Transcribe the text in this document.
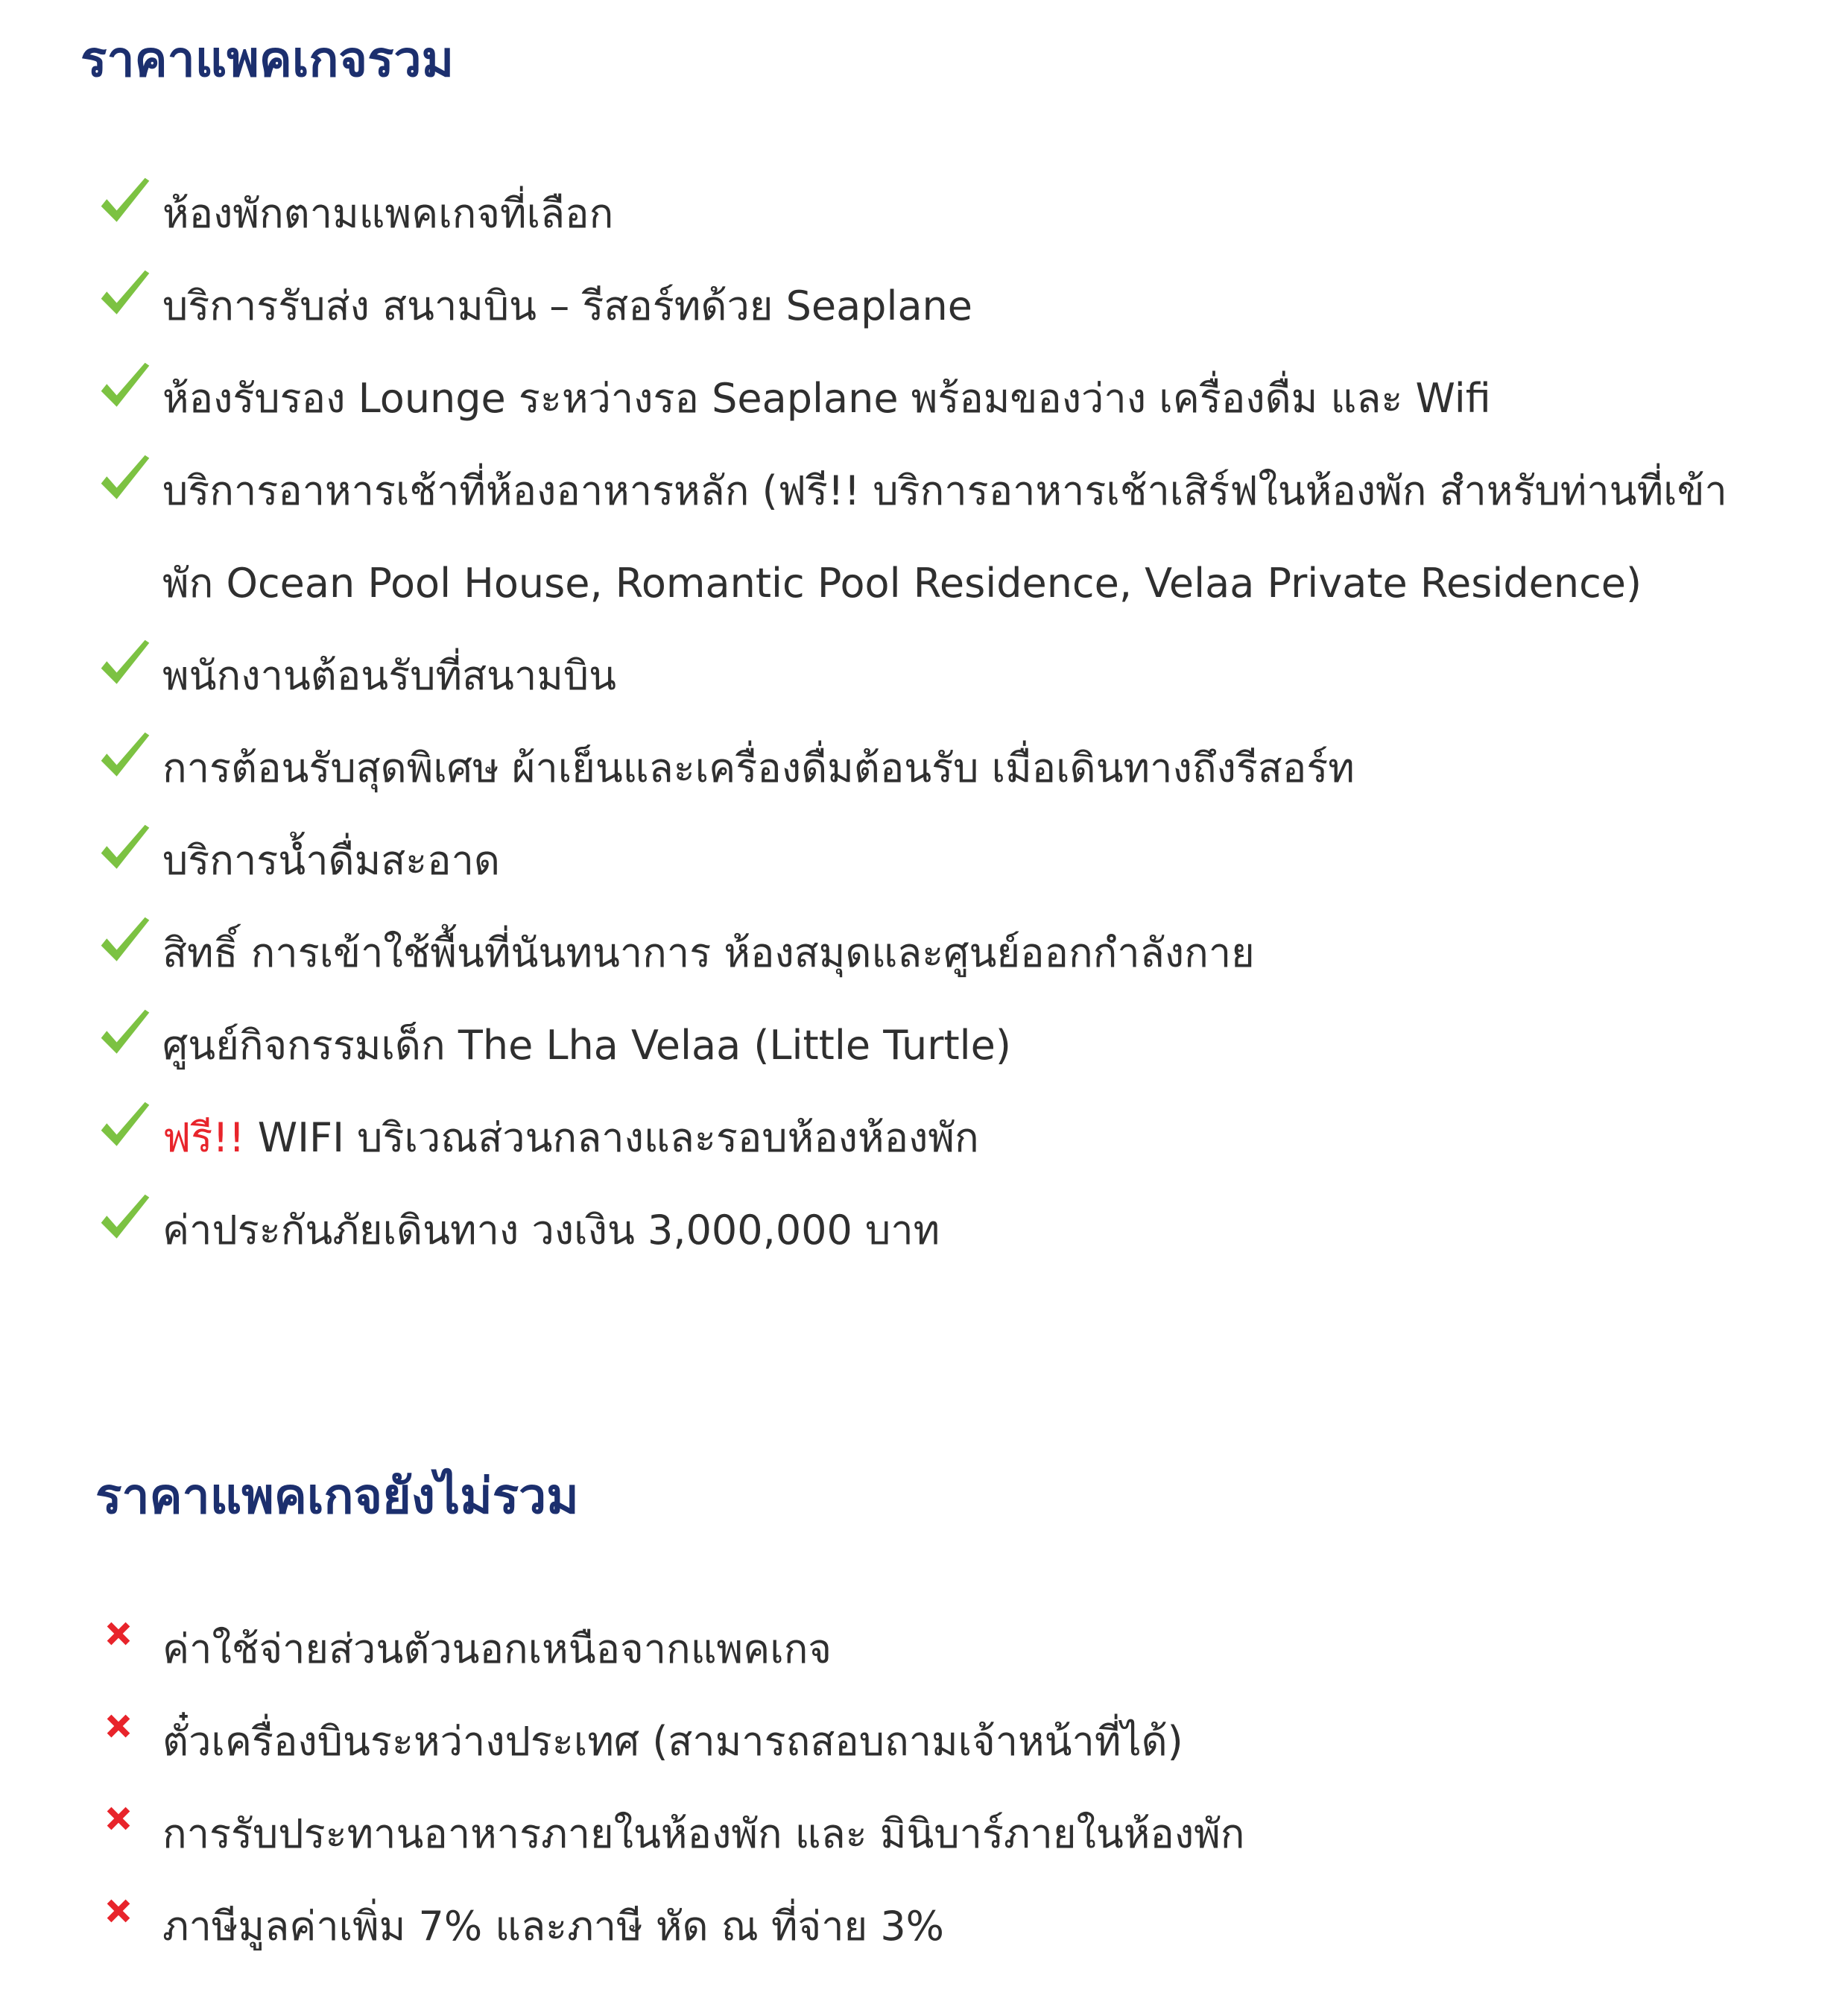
ราคาแพคเกจรวม
ห้องพักตามแพคเกจที่เลือก
บริการรับส่ง สนามบิน – รีสอร์ทด้วย Seaplane
ห้องรับรอง Lounge ระหว่างรอ Seaplane พร้อมของว่าง เครื่องดื่ม และ Wifi
บริการอาหารเช้าที่ห้องอาหารหลัก (ฟรี!! บริการอาหารเช้าเสิร์ฟในห้องพัก สำหรับท่านที่เข้า
พัก Ocean Pool House, Romantic Pool Residence, Velaa Private Residence)
พนักงานต้อนรับที่สนามบิน
การต้อนรับสุดพิเศษ ผ้าเย็นและเครื่องดื่มต้อนรับ เมื่อเดินทางถึงรีสอร์ท
บริการน้ำดื่มสะอาด
สิทธิ์ การเข้าใช้พื้นที่นันทนาการ ห้องสมุดและศูนย์ออกกำลังกาย
ศูนย์กิจกรรมเด็ก The Lha Velaa (Little Turtle)
ฟรี!! WIFI บริเวณส่วนกลางและรอบห้องห้องพัก
ค่าประกันภัยเดินทาง วงเงิน 3,000,000 บาท
ราคาแพคเกจยังไม่รวม
ค่าใช้จ่ายส่วนตัวนอกเหนือจากแพคเกจ
ตั๋วเครื่องบินระหว่างประเทศ (สามารถสอบถามเจ้าหน้าที่ได้)
การรับประทานอาหารภายในห้องพัก และ มินิบาร์ภายในห้องพัก
ภาษีมูลค่าเพิ่ม 7% และภาษี หัด ณ ที่จ่าย 3%
